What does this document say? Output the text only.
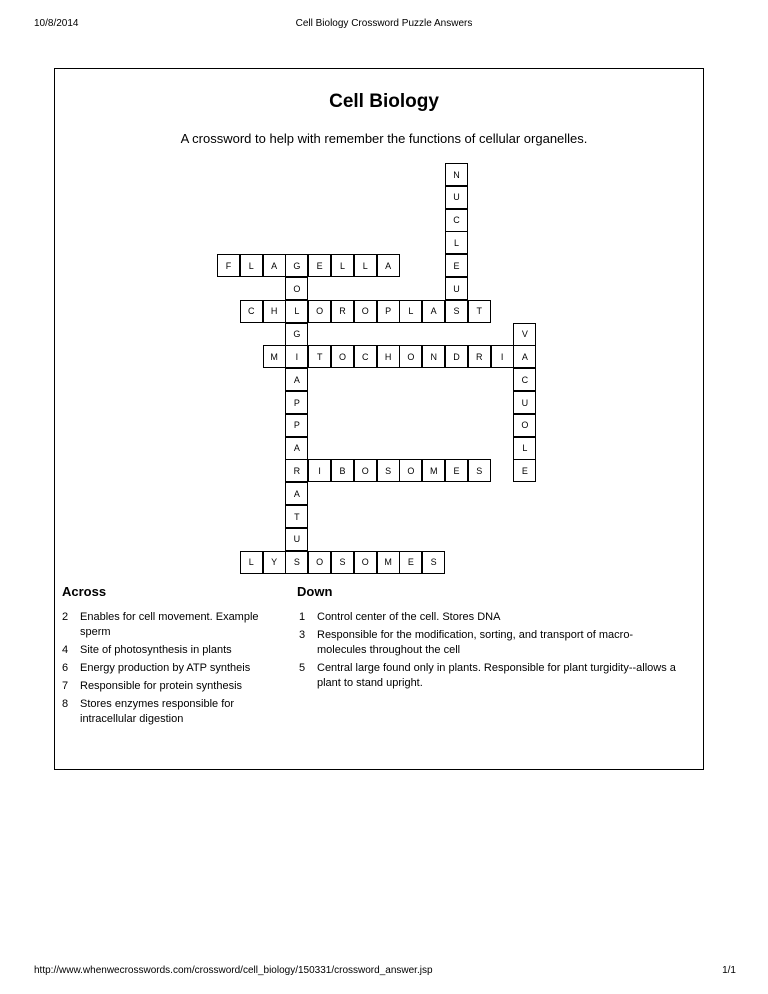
10/8/2014	Cell Biology Crossword Puzzle Answers
Cell Biology
A crossword to help with remember the functions of cellular organelles.
F	L	A	G	E	L	L	A
C	H	L	O	R	O	P	L	A	S	T
M	I	T	O	C	H	O	N	D	R	I	A
R	I	B	O	S	O	M	E	S
L	Y	S	O	S	O	M	E	S
N
U
C
L
E
U
O
G
A
P
P
A
A
T
U
V
C
U
O
L
E
Across	Down
2	Enables for cell movement. Example sperm
4	Site of photosynthesis in plants
6	Energy production by ATP syntheis
7	Responsible for protein synthesis
8	Stores enzymes responsible for intracellular digestion
1	Control center of the cell. Stores DNA
3	Responsible for the modification, sorting, and transport of macro-molecules throughout the cell
5	Central large found only in plants. Responsible for plant turgidity--allows a plant to stand upright.
http://www.whenwecrosswords.com/crossword/cell_biology/150331/crossword_answer.jsp	1/1
